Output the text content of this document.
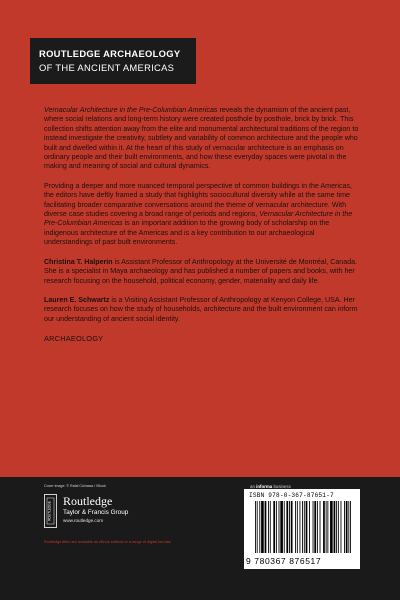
ROUTLEDGE ARCHAEOLOGY
OF THE ANCIENT AMERICAS

Vernacular Architecture in the Pre-Columbian Americas reveals the dynamism of the ancient past, where social relations and long-term history were created posthole by posthole, brick by brick. This collection shifts attention away from the elite and monumental architectural traditions of the region to instead investigate the creativity, subtlety and variability of common architecture and the people who built and dwelled within it. At the heart of this study of vernacular architecture is an emphasis on ordinary people and their built environments, and how these everyday spaces were pivotal in the making and meaning of social and cultural dynamics.

Providing a deeper and more nuanced temporal perspective of common buildings in the Americas, the editors have deftly framed a study that highlights sociocultural diversity while at the same time facilitating broader comparative conversations around the theme of vernacular architecture. With diverse case studies covering a broad range of periods and regions, Vernacular Architecture in the Pre-Columbian Americas is an important addition to the growing body of scholarship on the indigenous architecture of the Americas and is a key contribution to our archaeological understandings of past built environments.

Christina T. Halperin is Assistant Professor of Anthropology at the Université de Montréal, Canada. She is a specialist in Maya archaeology and has published a number of papers and books, with her research focusing on the household, political economy, gender, materiality and daily life.

Lauren E. Schwartz is a Visiting Assistant Professor of Anthropology at Kenyon College, USA. Her research focuses on how the study of households, architecture and the built environment can inform our understanding of ancient social identity.

ARCHAEOLOGY
Cover image: © Rafal Cichawa / iStock	an informa business
ROUTLEDGE
Routledge
Taylor & Francis Group
www.routledge.com
Routledge titles are available as eBook editions in a range of digital formats
ISBN 978-0-367-87651-7
9 780367 876517
